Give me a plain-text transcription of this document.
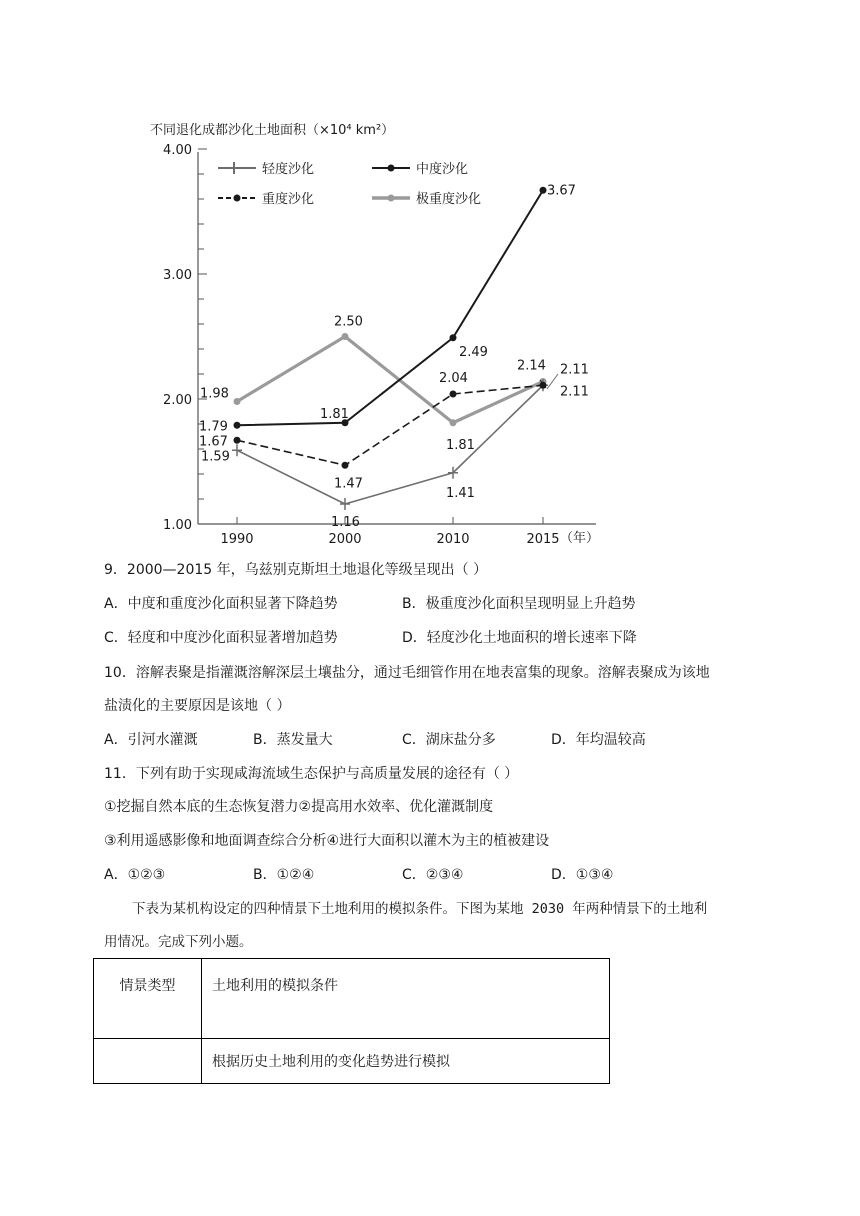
不同退化成都沙化土地面积（×10⁴ km²）
1.00
2.00
3.00
4.00
1990	2000	2010	2015 （年）
轻度沙化	中度沙化
重度沙化	极重度沙化
1.59
1.16
1.41
2.11
1.79
1.81
2.49
3.67
1.67
1.47
2.04
2.11
1.98
2.50
1.81
2.14
9．2000—2015 年，乌兹别克斯坦土地退化等级呈现出（ ）
A．中度和重度沙化面积显著下降趋势	B．极重度沙化面积呈现明显上升趋势
C．轻度和中度沙化面积显著增加趋势	D．轻度沙化土地面积的增长速率下降
10．溶解表聚是指灌溉溶解深层土壤盐分，通过毛细管作用在地表富集的现象。溶解表聚成为该地
盐渍化的主要原因是该地（ ）
A．引河水灌溉	B．蒸发量大	C．湖床盐分多	D．年均温较高
11．下列有助于实现咸海流域生态保护与高质量发展的途径有（ ）
①挖掘自然本底的生态恢复潜力②提高用水效率、优化灌溉制度
③利用遥感影像和地面调查综合分析④进行大面积以灌木为主的植被建设
A．①②③	B．①②④	C．②③④	D．①③④
下表为某机构设定的四种情景下土地利用的模拟条件。下图为某地 2030 年两种情景下的土地利
用情况。完成下列小题。
情景类型	土地利用的模拟条件

	根据历史土地利用的变化趋势进行模拟
